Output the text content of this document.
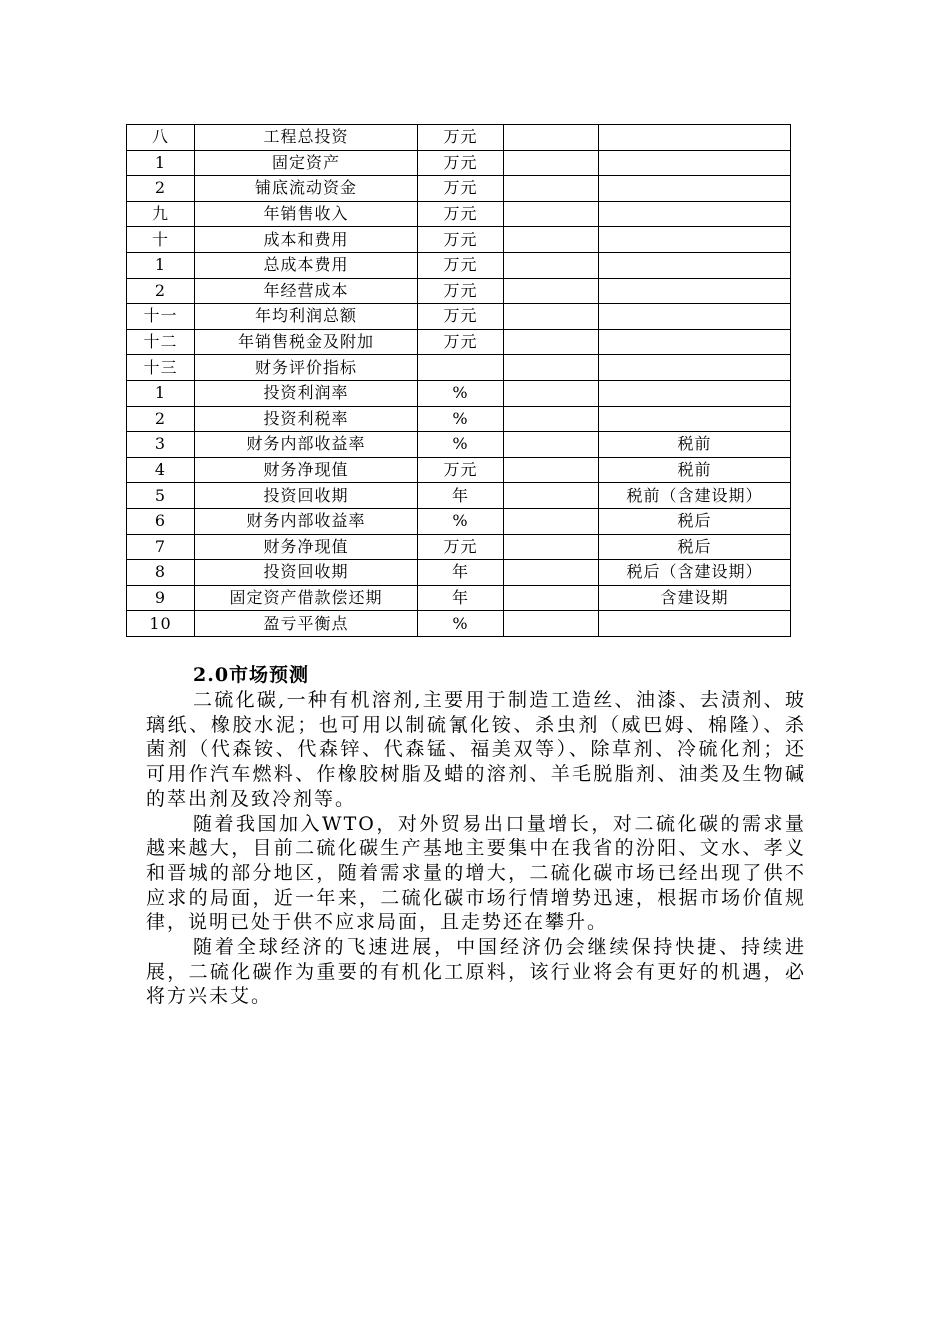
八	工程总投资	万元		
1	固定资产	万元		
2	铺底流动资金	万元		
九	年销售收入	万元		
十	成本和费用	万元		
1	总成本费用	万元		
2	年经营成本	万元		
十一	年均利润总额	万元		
十二	年销售税金及附加	万元		
十三	财务评价指标			
1	投资利润率	%		
2	投资利税率	%		
3	财务内部收益率	%		税前
4	财务净现值	万元		税前
5	投资回收期	年		税前（含建设期）
6	财务内部收益率	%		税后
7	财务净现值	万元		税后
8	投资回收期	年		税后（含建设期）
9	固定资产借款偿还期	年		含建设期
10	盈亏平衡点	%		

2.0市场预测

二硫化碳,一种有机溶剂,主要用于制造工造丝、油漆、去渍剂、玻璃纸、橡胶水泥；也可用以制硫氰化铵、杀虫剂（威巴姆、棉隆）、杀菌剂（代森铵、代森锌、代森锰、福美双等）、除草剂、冷硫化剂；还可用作汽车燃料、作橡胶树脂及蜡的溶剂、羊毛脱脂剂、油类及生物碱的萃出剂及致冷剂等。

随着我国加入WTO，对外贸易出口量增长，对二硫化碳的需求量越来越大，目前二硫化碳生产基地主要集中在我省的汾阳、文水、孝义和晋城的部分地区，随着需求量的增大，二硫化碳市场已经出现了供不应求的局面，近一年来，二硫化碳市场行情增势迅速，根据市场价值规律，说明已处于供不应求局面，且走势还在攀升。

随着全球经济的飞速进展，中国经济仍会继续保持快捷、持续进展，二硫化碳作为重要的有机化工原料，该行业将会有更好的机遇，必将方兴未艾。
